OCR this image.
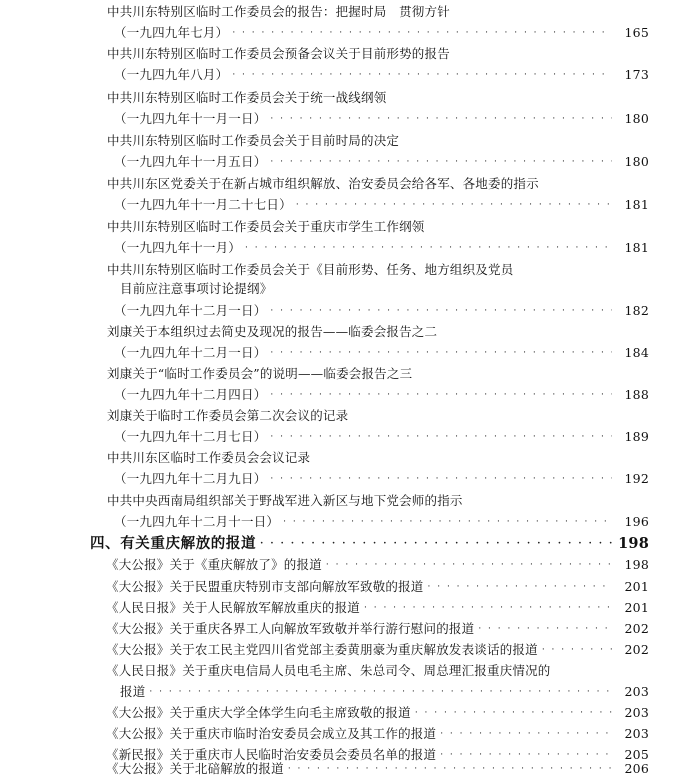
中共川东特别区临时工作委员会的报告：把握时局　贯彻方针
（一九四九年七月） · · ·	165
中共川东特别区临时工作委员会预备会议关于目前形势的报告
（一九四九年八月） · · ·	173
中共川东特别区临时工作委员会关于统一战线纲领
（一九四九年十一月一日） · · ·	180
中共川东特别区临时工作委员会关于目前时局的决定
（一九四九年十一月五日） · · ·	180
中共川东区党委关于在新占城市组织解放、治安委员会给各军、各地委的指示
（一九四九年十一月二十七日） · · ·	181
中共川东特别区临时工作委员会关于重庆市学生工作纲领
（一九四九年十一月） · · ·	181
中共川东特别区临时工作委员会关于《目前形势、任务、地方组织及党员
目前应注意事项讨论提纲》
（一九四九年十二月一日） · · ·	182
刘康关于本组织过去简史及现况的报告——临委会报告之二
（一九四九年十二月一日） · · ·	184
刘康关于“临时工作委员会”的说明——临委会报告之三
（一九四九年十二月四日） · · ·	188
刘康关于临时工作委员会第二次会议的记录
（一九四九年十二月七日） · · ·	189
中共川东区临时工作委员会会议记录
（一九四九年十二月九日） · · ·	192
中共中央西南局组织部关于野战军进入新区与地下党会师的指示
（一九四九年十二月十一日） · · ·	196
四、有关重庆解放的报道 · · ·	198
《大公报》关于《重庆解放了》的报道 · · ·	198
《大公报》关于民盟重庆特别市支部向解放军致敬的报道 · · ·	201
《人民日报》关于人民解放军解放重庆的报道 · · ·	201
《大公报》关于重庆各界工人向解放军致敬并举行游行慰问的报道 · · ·	202
《大公报》关于农工民主党四川省党部主委黄朋豪为重庆解放发表谈话的报道 · · ·	202
《人民日报》关于重庆电信局人员电毛主席、朱总司令、周总理汇报重庆情况的
报道 · · ·	203
《大公报》关于重庆大学全体学生向毛主席致敬的报道 · · ·	203
《大公报》关于重庆市临时治安委员会成立及其工作的报道 · · ·	203
《新民报》关于重庆市人民临时治安委员会委员名单的报道 · · ·	205
《大公报》关于北碚解放的报道 · · ·	206
